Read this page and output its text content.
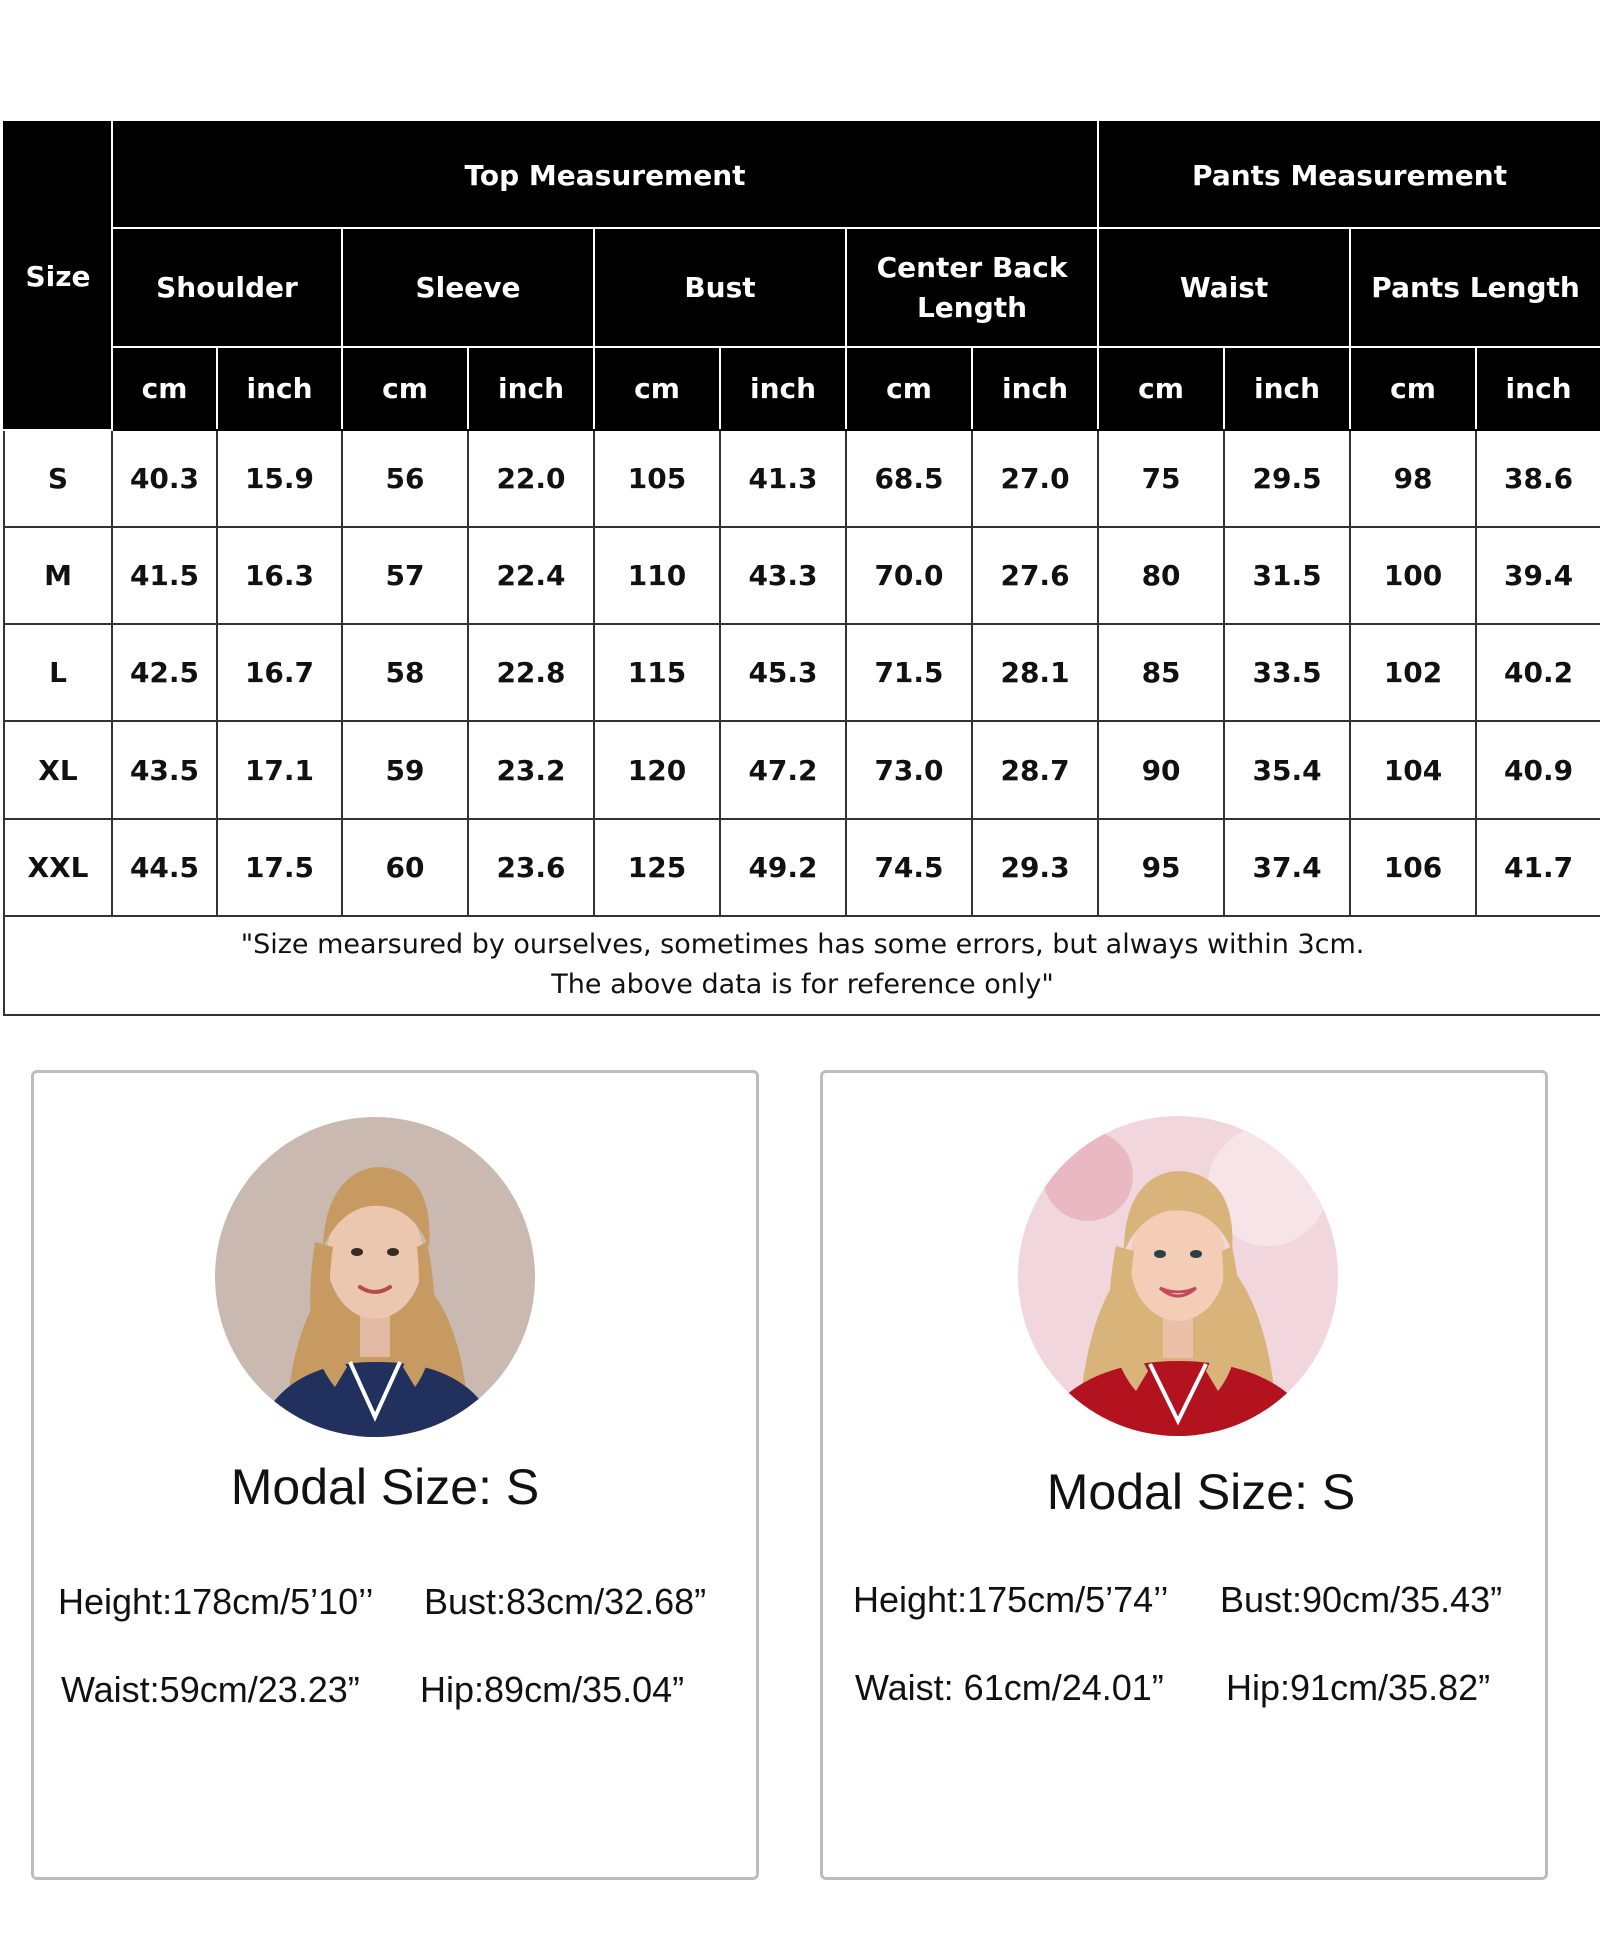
Size	Top Measurement								Pants Measurement			
	Shoulder		Sleeve		Bust		Center Back Length		Waist		Pants Length	
	cm	inch	cm	inch	cm	inch	cm	inch	cm	inch	cm	inch
S	40.3	15.9	56	22.0	105	41.3	68.5	27.0	75	29.5	98	38.6
M	41.5	16.3	57	22.4	110	43.3	70.0	27.6	80	31.5	100	39.4
L	42.5	16.7	58	22.8	115	45.3	71.5	28.1	85	33.5	102	40.2
XL	43.5	17.1	59	23.2	120	47.2	73.0	28.7	90	35.4	104	40.9
XXL	44.5	17.5	60	23.6	125	49.2	74.5	29.3	95	37.4	106	41.7

"Size mearsured by ourselves, sometimes has some errors, but always within 3cm.
The above data is for reference only"												
Modal Size: S
Height:178cm/5’10’’ Bust:83cm/32.68”
Waist:59cm/23.23” Hip:89cm/35.04”
Modal Size: S
Height:175cm/5’74’’ Bust:90cm/35.43”
Waist: 61cm/24.01” Hip:91cm/35.82”
